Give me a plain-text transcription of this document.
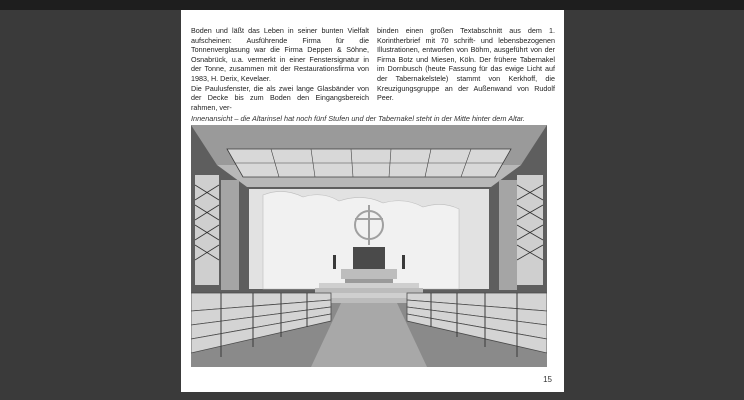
Boden und läßt das Leben in seiner bunten Vielfalt aufscheinen: Ausführende Firma für die Tonnenverglasung war die Firma Deppen & Söhne, Osnabrück, u.a. vermerkt in einer Fenstersignatur in der Tonne, zusammen mit der Restaurationsfirma von 1983, H. Derix, Kevelaer.

Die Paulusfenster, die als zwei lange Glasbänder von der Decke bis zum Boden den Eingangsbereich rahmen, ver-

binden einen großen Textabschnitt aus dem 1. Korintherbrief mit 70 schrift- und lebensbezogenen Illustrationen, entworfen von Böhm, ausgeführt von der Firma Botz und Miesen, Köln. Der frühere Tabernakel im Dornbusch (heute Fassung für das ewige Licht auf der Tabernakelstele) stammt von Kerkhoff, die Kreuzigungsgruppe an der Außenwand von Rudolf Peer.

Innenansicht – die Altarinsel hat noch fünf Stufen und der Tabernakel steht in der Mitte hinter dem Altar.
15
